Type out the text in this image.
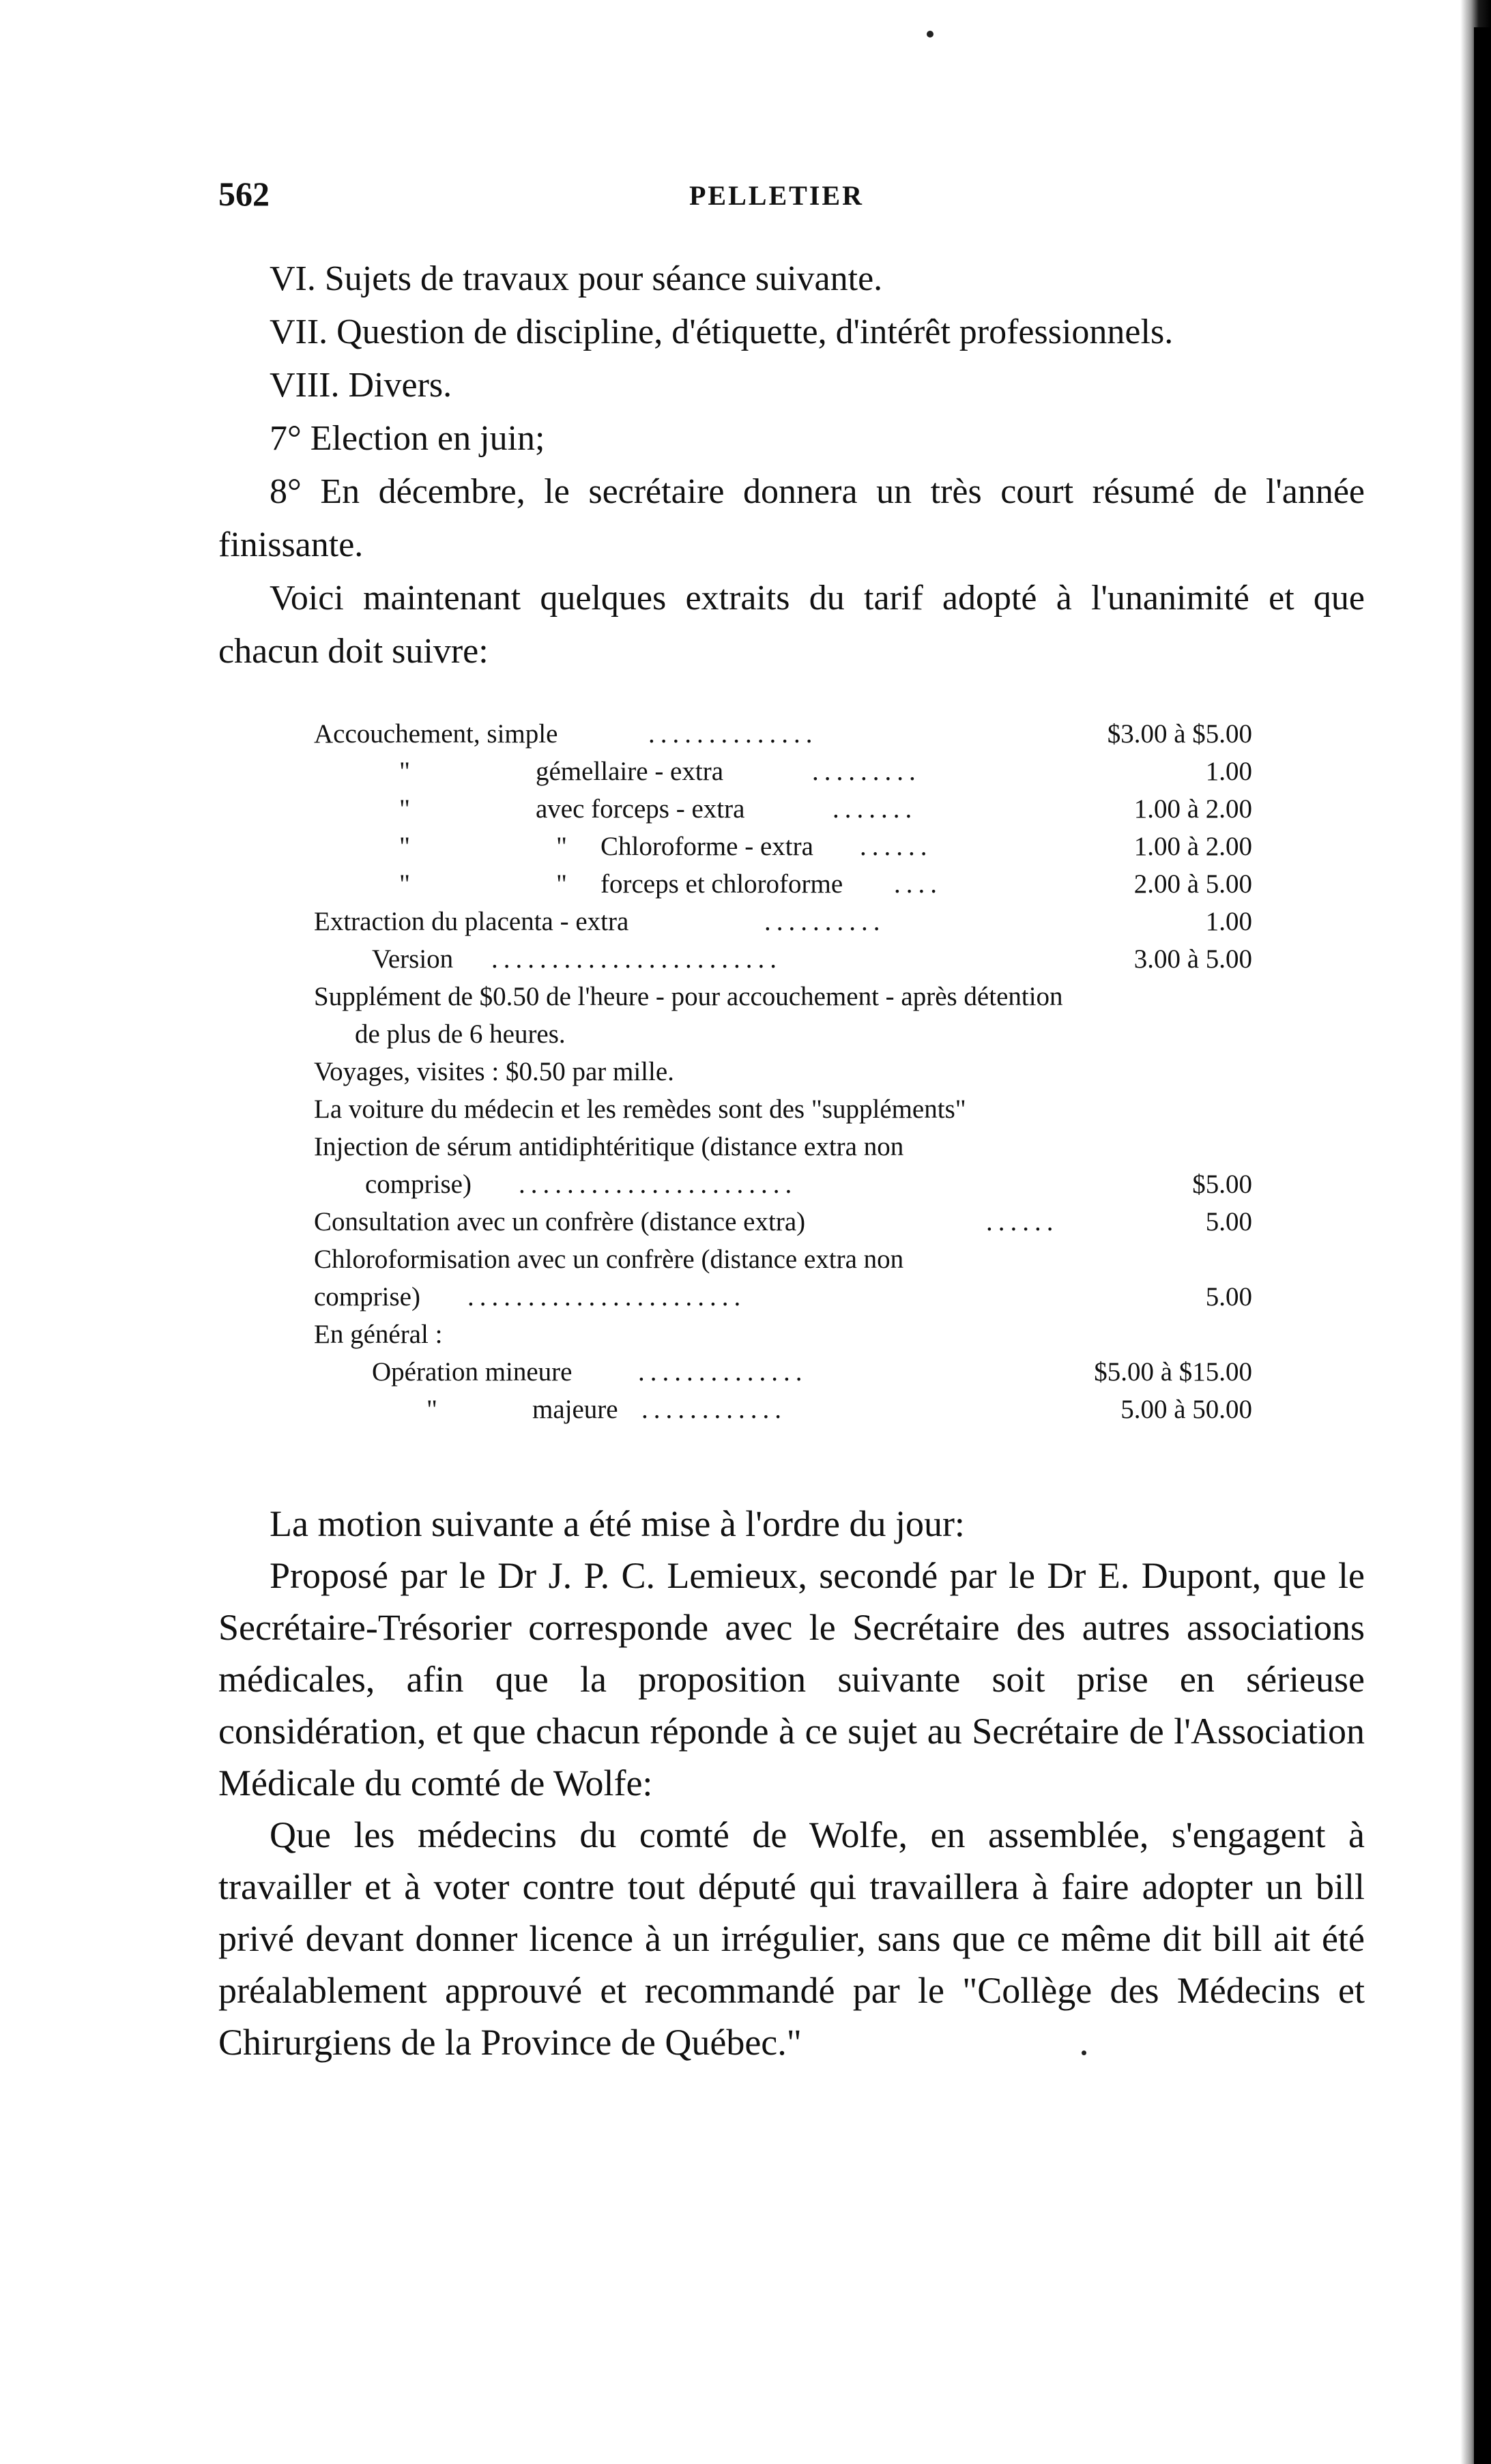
562	PELLETIER

VI. Sujets de travaux pour séance suivante.

VII. Question de discipline, d'étiquette, d'intérêt professionnels.

VIII. Divers.

7° Election en juin;

8° En décembre, le secrétaire donnera un très court résumé de l'année finissante.

Voici maintenant quelques extraits du tarif adopté à l'unanimité et que chacun doit suivre:

Accouchement, simple	..............	$3.00 à $5.00
"	gémellaire - extra	.........	1.00
"	avec forceps - extra	.......	1.00 à 2.00
"	" Chloroforme - extra ......	1.00 à 2.00
"	" forceps et chloroforme ....	2.00 à 5.00
Extraction du placenta - extra	..........	1.00
Version ........................	3.00 à 5.00

Supplément de $0.50 de l'heure - pour accouchement - après détention

de plus de 6 heures.

Voyages, visites : $0.50 par mille.

La voiture du médecin et les remèdes sont des "suppléments"

Injection de sérum antidiphtéritique (distance extra non

comprise) .......................	$5.00
Consultation avec un confrère (distance extra)	......	5.00

Chloroformisation avec un confrère (distance extra non

comprise) .......................	5.00

En général :

Opération mineure ..............	$5.00 à $15.00
"	majeure ............	5.00 à 50.00

La motion suivante a été mise à l'ordre du jour:

Proposé par le Dr J. P. C. Lemieux, secondé par le Dr E. Dupont, que le Secrétaire-Trésorier corresponde avec le Secrétaire des autres associations médicales, afin que la proposition suivante soit prise en sérieuse considération, et que chacun réponde à ce sujet au Secrétaire de l'Association Médicale du comté de Wolfe:

Que les médecins du comté de Wolfe, en assemblée, s'engagent à travailler et à voter contre tout député qui travaillera à faire adopter un bill privé devant donner licence à un irrégulier, sans que ce même dit bill ait été préalablement approuvé et recommandé par le "Collège des Médecins et Chirurgiens de la Province de Québec."
